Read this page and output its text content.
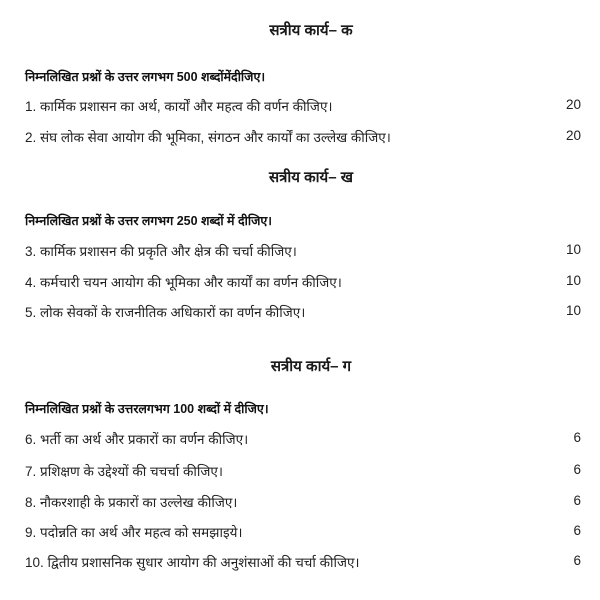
सत्रीय कार्य– क
निम्नलिखित प्रश्नों के उत्तर लगभग 500 शब्दोंमेंदीजिए।
1. कार्मिक प्रशासन का अर्थ, कार्यों और महत्व की वर्णन कीजिए।	20
2. संघ लोक सेवा आयोग की भूमिका, संगठन और कार्यों का उल्लेख कीजिए।	20
सत्रीय कार्य– ख
निम्नलिखित प्रश्नों के उत्तर लगभग 250 शब्दों में दीजिए।
3. कार्मिक प्रशासन की प्रकृति और क्षेत्र की चर्चा कीजिए।	10
4. कर्मचारी चयन आयोग की भूमिका और कार्यों का वर्णन कीजिए।	10
5. लोक सेवकों के राजनीतिक अधिकारों का वर्णन कीजिए।	10
सत्रीय कार्य– ग
निम्नलिखित प्रश्नों के उत्तरलगभग 100 शब्दों में दीजिए।
6. भर्ती का अर्थ और प्रकारों का वर्णन कीजिए।	6
7. प्रशिक्षण के उद्देश्यों की चचर्चा कीजिए।	6
8. नौकरशाही के प्रकारों का उल्लेख कीजिए।	6
9. पदोन्नति का अर्थ और महत्व को समझाइये।	6
10. द्वितीय प्रशासनिक सुधार आयोग की अनुशंसाओं की चर्चा कीजिए।	6
